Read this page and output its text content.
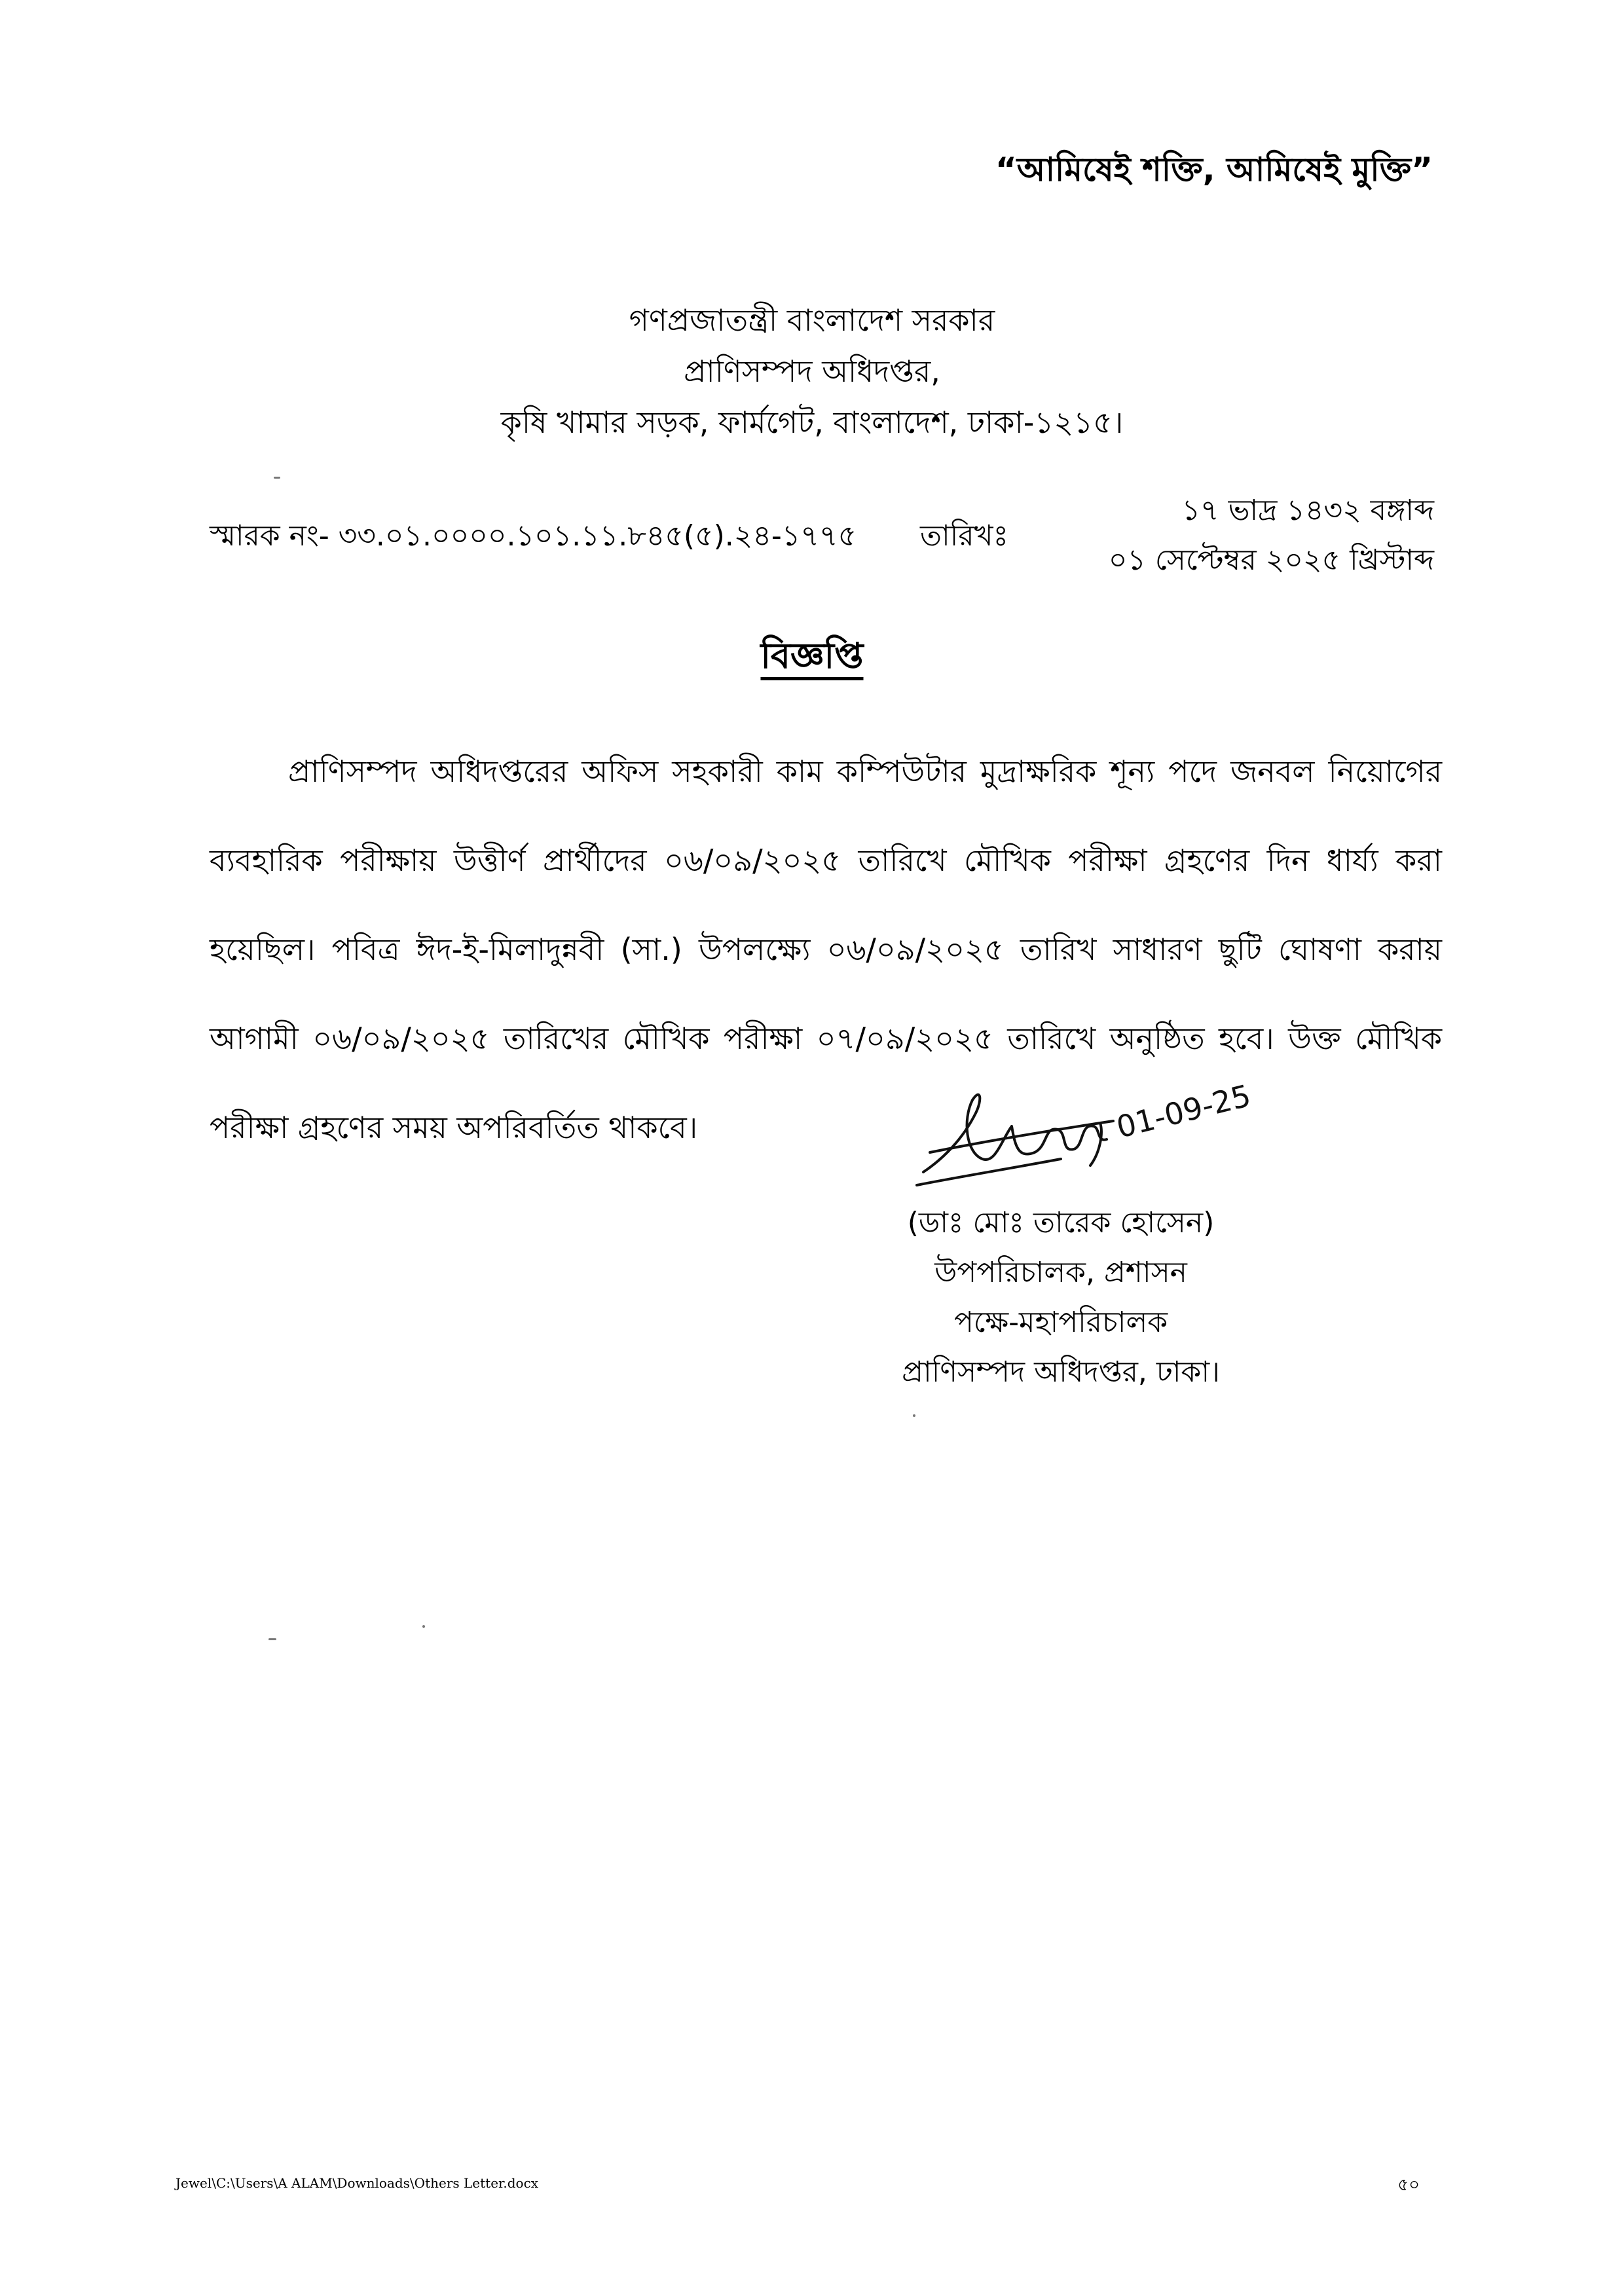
“আমিষেই শক্তি, আমিষেই মুক্তি”
গণপ্রজাতন্ত্রী বাংলাদেশ সরকার
প্রাণিসম্পদ অধিদপ্তর,
কৃষি খামার সড়ক, ফার্মগেট, বাংলাদেশ, ঢাকা-১২১৫।
স্মারক নং- ৩৩.০১.০০০০.১০১.১১.৮৪৫(৫).২৪-১৭৭৫ তারিখঃ
১৭ ভাদ্র ১৪৩২ বঙ্গাব্দ
০১ সেপ্টেম্বর ২০২৫ খ্রিস্টাব্দ
বিজ্ঞপ্তি

প্রাণিসম্পদ অধিদপ্তরের অফিস সহকারী কাম কম্পিউটার মুদ্রাক্ষরিক শূন্য পদে জনবল নিয়োগের ব্যবহারিক পরীক্ষায় উত্তীর্ণ প্রার্থীদের ০৬/০৯/২০২৫ তারিখে মৌখিক পরীক্ষা গ্রহণের দিন ধার্য্য করা হয়েছিল। পবিত্র ঈদ-ই-মিলাদুন্নবী (সা.) উপলক্ষ্যে ০৬/০৯/২০২৫ তারিখ সাধারণ ছুটি ঘোষণা করায় আগামী ০৬/০৯/২০২৫ তারিখের মৌখিক পরীক্ষা ০৭/০৯/২০২৫ তারিখে অনুষ্ঠিত হবে। উক্ত মৌখিক পরীক্ষা গ্রহণের সময় অপরিবর্তিত থাকবে।	01-09-25
(ডাঃ মোঃ তারেক হোসেন)
উপপরিচালক, প্রশাসন
পক্ষে-মহাপরিচালক
প্রাণিসম্পদ অধিদপ্তর, ঢাকা।
Jewel\C:\Users\A ALAM\Downloads\Others Letter.docx	৫০
